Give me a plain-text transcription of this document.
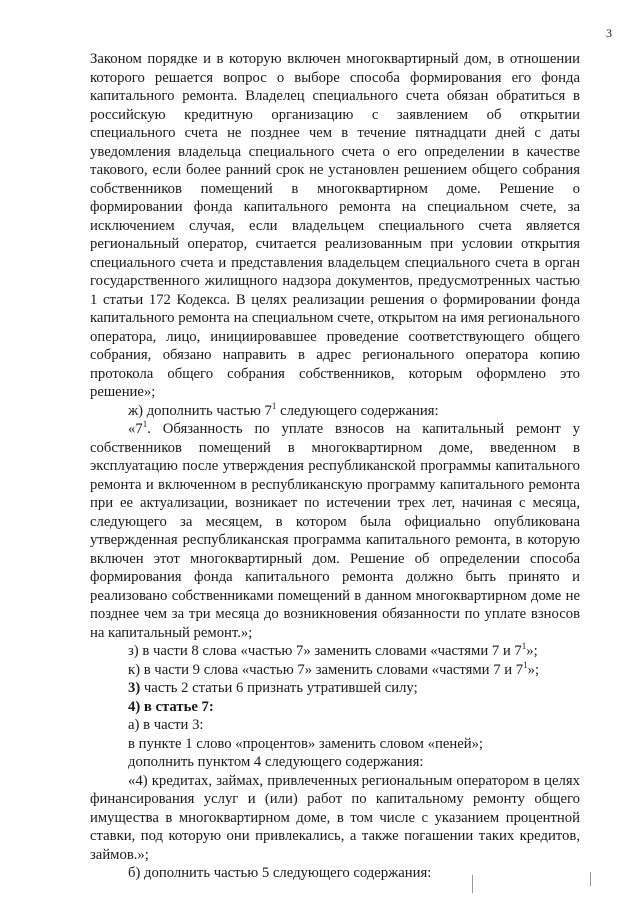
3

Законом порядке и в которую включен многоквартирный дом, в отношении которого решается вопрос о выборе способа формирования его фонда капитального ремонта. Владелец специального счета обязан обратиться в российскую кредитную организацию с заявлением об открытии специального счета не позднее чем в течение пятнадцати дней с даты уведомления владельца специального счета о его определении в качестве такового, если более ранний срок не установлен решением общего собрания собственников помещений в многоквартирном доме. Решение о формировании фонда капитального ремонта на специальном счете, за исключением случая, если владельцем специального счета является региональный оператор, считается реализованным при условии открытия специального счета и представления владельцем специального счета в орган государственного жилищного надзора документов, предусмотренных частью 1 статьи 172 Кодекса. В целях реализации решения о формировании фонда капитального ремонта на специальном счете, открытом на имя регионального оператора, лицо, инициировавшее проведение соответствующего общего собрания, обязано направить в адрес регионального оператора копию протокола общего собрания собственников, которым оформлено это решение»;

ж) дополнить частью $7^1$ следующего содержания:

«$7^1$. Обязанность по уплате взносов на капитальный ремонт у собственников помещений в многоквартирном доме, введенном в эксплуатацию после утверждения республиканской программы капитального ремонта и включенном в республиканскую программу капитального ремонта при ее актуализации, возникает по истечении трех лет, начиная с месяца, следующего за месяцем, в котором была официально опубликована утвержденная республиканская программа капитального ремонта, в которую включен этот многоквартирный дом. Решение об определении способа формирования фонда капитального ремонта должно быть принято и реализовано собственниками помещений в данном многоквартирном доме не позднее чем за три месяца до возникновения обязанности по уплате взносов на капитальный ремонт.»;

з) в части 8 слова «частью 7» заменить словами «частями 7 и $7^1$»;

к) в части 9 слова «частью 7» заменить словами «частями 7 и $7^1$»;

3) часть 2 статьи 6 признать утратившей силу;

4) в статье 7:

а) в части 3:

в пункте 1 слово «процентов» заменить словом «пеней»;

дополнить пунктом 4 следующего содержания:

«4) кредитах, займах, привлеченных региональным оператором в целях финансирования услуг и (или) работ по капитальному ремонту общего имущества в многоквартирном доме, в том числе с указанием процентной ставки, под которую они привлекались, а также погашении таких кредитов, займов.»;

б) дополнить частью 5 следующего содержания:
